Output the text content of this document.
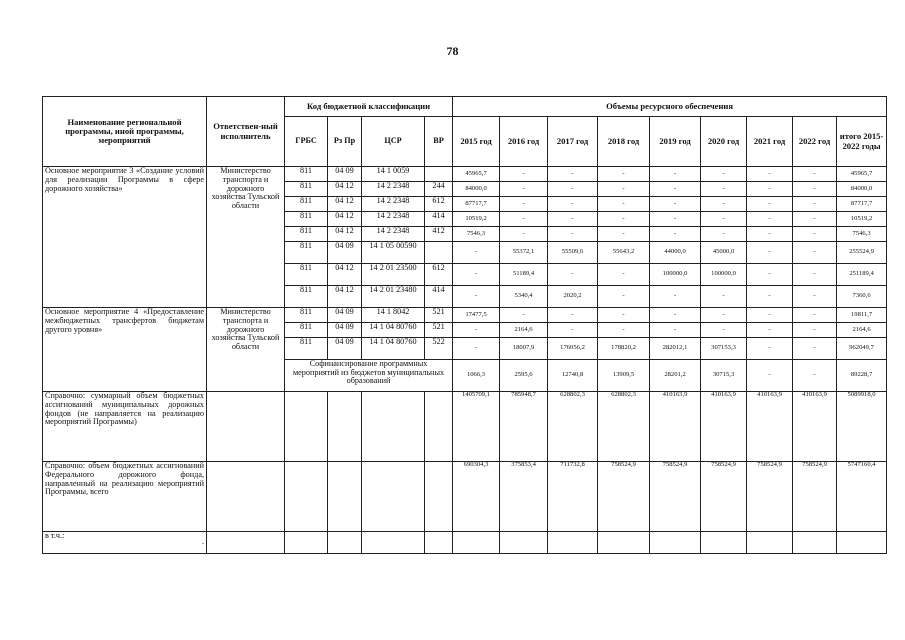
78
Наименование региональной программы, иной программы, мероприятий	Ответствен-ный исполнитель	Код бюджетной классификации				Объемы ресурсного обеспечения								
		ГРБС	Рз Пр	ЦСР	ВР	2015 год	2016 год	2017 год	2018 год	2019 год	2020 год	2021 год	2022 год	итого 2015-2022 годы
Основное мероприятие 3 «Создание условий для реализации Программы в сфере дорожного хозяйства»	Министерство транспорта и дорожного хозяйства Тульской области	811	04 09	14 1 0059		45965,7	-	-	-	-	-	-	-	45965,7
		811	04 12	14 2 2348	244	84000,0	-	-	-	-	-	-	-	84000,0
		811	04 12	14 2 2348	612	87717,7	-	-	-	-	-	-	-	87717,7
		811	04 12	14 2 2348	414	10519,2	-	-	-	-	-	-	-	10519,2
		811	04 12	14 2 2348	412	7546,3	-	-	-	-	-	-	-	7546,3
		811	04 09	14 1 05 00590		-	55372,1	55509,6	55643,2	44000,0	45000,0	-	-	255524,9
		811	04 12	14 2 01 23500	612	-	51189,4	-	-	100000,0	100000,0	-	-	251189,4
		811	04 12	14 2 01 23480	414	-	5340,4	2020,2	-	-	-	-	-	7360,6
Основное мероприятие 4 «Предоставление межбюджетных трансфертов бюджетам другого уровня»	Министерство транспорта и дорожного хозяйства Тульской области	811	04 09	14 1 8042	521	17477,5	-	-	-	-	-	-	-	19811,7
		811	04 09	14 1 04 80760	521	-	2164,6	-	-	-	-	-	-	2164,6
		811	04 09	14 1 04 80760	522	-	18007,9	176056,2	178820,2	282012,1	307153,3	-	-	962049,7
		Софинансирование программных мероприятий из бюджетов муниципальных образований				1066,3	2595,6	12740,8	13909,5	28201,2	30715,3	-	-	89228,7
Справочно: суммарный объем бюджетных ассигнований муниципальных дорожных фондов (не направляется на реализацию мероприятий Программы)						1405709,1	785948,7	628802,3	628802,3	410163,9	410163,9	410163,9	410163,9	5089918,0
Справочно: объем бюджетных ассигнований Федерального дорожного фонда, направленный на реализацию мероприятий Программы, всего						690304,3	375853,4	711732,8	758524,9	758524,9	758524,9	758524,9	758524,9	5747160,4
в т.ч.:
.														
